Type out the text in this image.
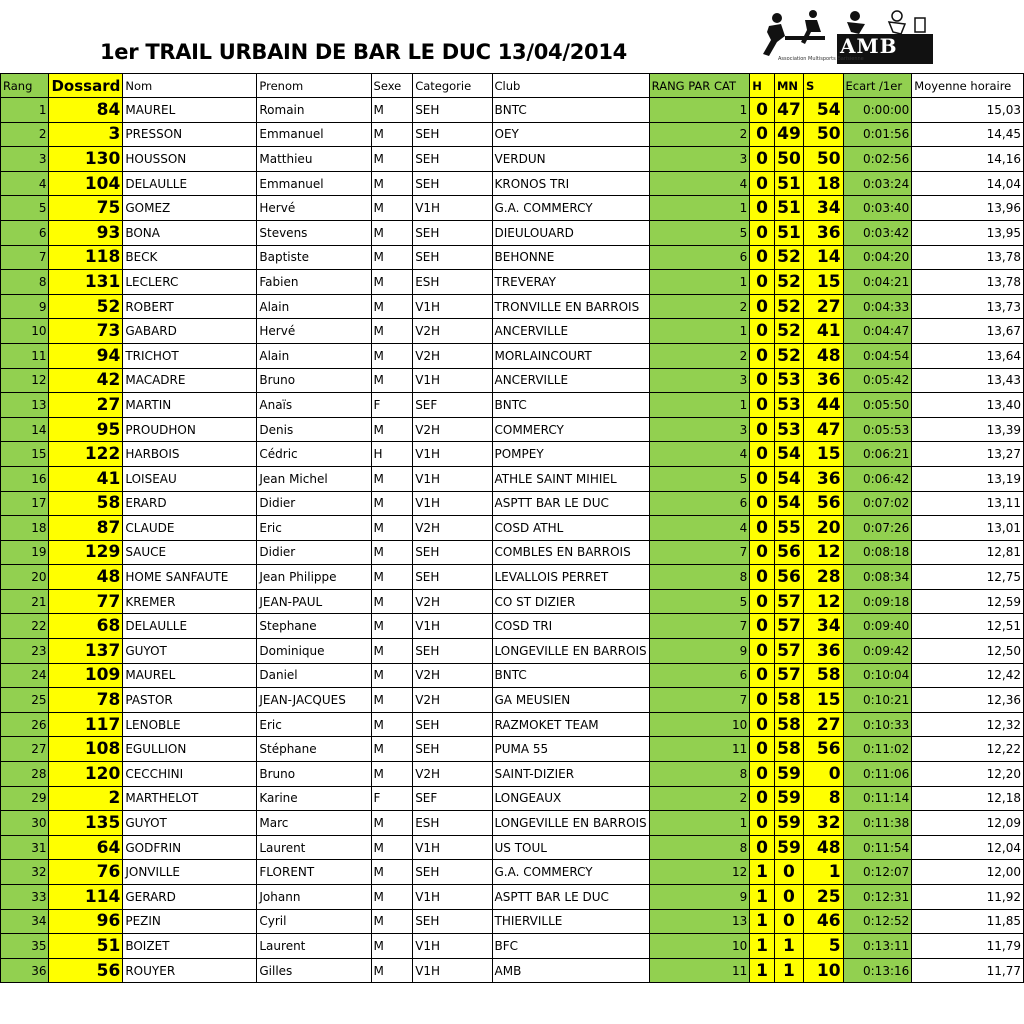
1er TRAIL URBAIN DE BAR LE DUC 13/04/2014	AMB
Association Multisports Barisienne
Rang	Dossard	Nom	Prenom	Sexe	Categorie	Club	RANG PAR CAT	H	MN	S	Ecart /1er	Moyenne horaire
1	84	MAUREL	Romain	M	SEH	BNTC	1	0	47	54	0:00:00	15,03
2	3	PRESSON	Emmanuel	M	SEH	OEY	2	0	49	50	0:01:56	14,45
3	130	HOUSSON	Matthieu	M	SEH	VERDUN	3	0	50	50	0:02:56	14,16
4	104	DELAULLE	Emmanuel	M	SEH	KRONOS TRI	4	0	51	18	0:03:24	14,04
5	75	GOMEZ	Hervé	M	V1H	G.A. COMMERCY	1	0	51	34	0:03:40	13,96
6	93	BONA	Stevens	M	SEH	DIEULOUARD	5	0	51	36	0:03:42	13,95
7	118	BECK	Baptiste	M	SEH	BEHONNE	6	0	52	14	0:04:20	13,78
8	131	LECLERC	Fabien	M	ESH	TREVERAY	1	0	52	15	0:04:21	13,78
9	52	ROBERT	Alain	M	V1H	TRONVILLE EN BARROIS	2	0	52	27	0:04:33	13,73
10	73	GABARD	Hervé	M	V2H	ANCERVILLE	1	0	52	41	0:04:47	13,67
11	94	TRICHOT	Alain	M	V2H	MORLAINCOURT	2	0	52	48	0:04:54	13,64
12	42	MACADRE	Bruno	M	V1H	ANCERVILLE	3	0	53	36	0:05:42	13,43
13	27	MARTIN	Anaïs	F	SEF	BNTC	1	0	53	44	0:05:50	13,40
14	95	PROUDHON	Denis	M	V2H	COMMERCY	3	0	53	47	0:05:53	13,39
15	122	HARBOIS	Cédric	H	V1H	POMPEY	4	0	54	15	0:06:21	13,27
16	41	LOISEAU	Jean Michel	M	V1H	ATHLE SAINT MIHIEL	5	0	54	36	0:06:42	13,19
17	58	ERARD	Didier	M	V1H	ASPTT BAR LE DUC	6	0	54	56	0:07:02	13,11
18	87	CLAUDE	Eric	M	V2H	COSD ATHL	4	0	55	20	0:07:26	13,01
19	129	SAUCE	Didier	M	SEH	COMBLES EN BARROIS	7	0	56	12	0:08:18	12,81
20	48	HOME SANFAUTE	Jean Philippe	M	SEH	LEVALLOIS PERRET	8	0	56	28	0:08:34	12,75
21	77	KREMER	JEAN-PAUL	M	V2H	CO ST DIZIER	5	0	57	12	0:09:18	12,59
22	68	DELAULLE	Stephane	M	V1H	COSD TRI	7	0	57	34	0:09:40	12,51
23	137	GUYOT	Dominique	M	SEH	LONGEVILLE EN BARROIS	9	0	57	36	0:09:42	12,50
24	109	MAUREL	Daniel	M	V2H	BNTC	6	0	57	58	0:10:04	12,42
25	78	PASTOR	JEAN-JACQUES	M	V2H	GA MEUSIEN	7	0	58	15	0:10:21	12,36
26	117	LENOBLE	Eric	M	SEH	RAZMOKET TEAM	10	0	58	27	0:10:33	12,32
27	108	EGULLION	Stéphane	M	SEH	PUMA 55	11	0	58	56	0:11:02	12,22
28	120	CECCHINI	Bruno	M	V2H	SAINT-DIZIER	8	0	59	0	0:11:06	12,20
29	2	MARTHELOT	Karine	F	SEF	LONGEAUX	2	0	59	8	0:11:14	12,18
30	135	GUYOT	Marc	M	ESH	LONGEVILLE EN BARROIS	1	0	59	32	0:11:38	12,09
31	64	GODFRIN	Laurent	M	V1H	US TOUL	8	0	59	48	0:11:54	12,04
32	76	JONVILLE	FLORENT	M	SEH	G.A. COMMERCY	12	1	0	1	0:12:07	12,00
33	114	GERARD	Johann	M	V1H	ASPTT BAR LE DUC	9	1	0	25	0:12:31	11,92
34	96	PEZIN	Cyril	M	SEH	THIERVILLE	13	1	0	46	0:12:52	11,85
35	51	BOIZET	Laurent	M	V1H	BFC	10	1	1	5	0:13:11	11,79
36	56	ROUYER	Gilles	M	V1H	AMB	11	1	1	10	0:13:16	11,77
